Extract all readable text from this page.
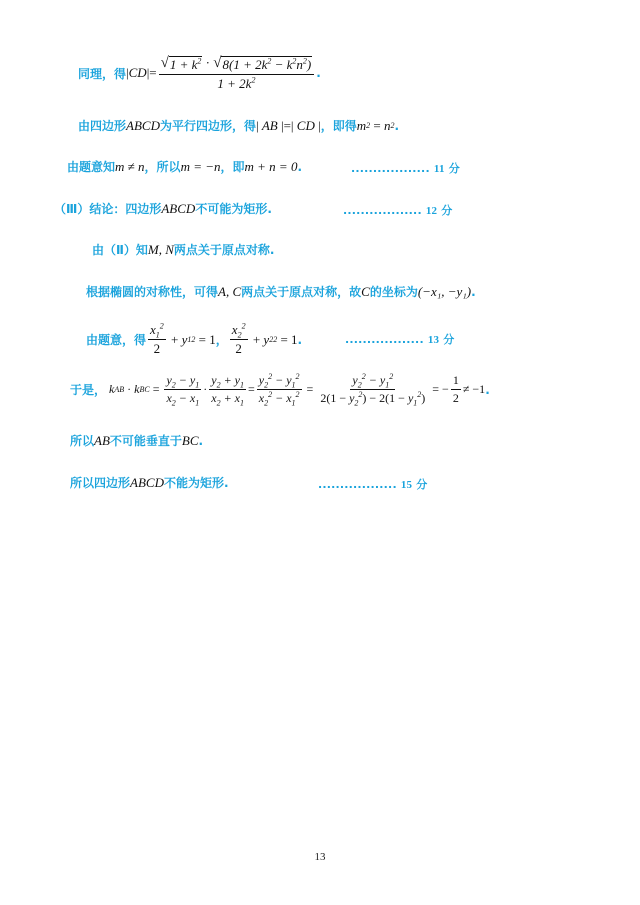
同理，得 | CD |= $\frac{√ 1 + k^2 \cdot √ 8(1 + 2k^2 - k^2n^2)}{1 + 2k^2}$ .
由四边形 ABCD 为平行四边形，得 | AB |=| CD | ，即得 m 2 = n 2 .
由题意知 m ≠ n ，所以 m = −n ，即 m + n = 0 .	.................. 11 分
（Ⅲ）结论：四边形 ABCD 不可能为矩形.	.................. 12 分
由（Ⅱ）知 M, N 两点关于原点对称.
根据椭圆的对称性，可得 A, C 两点关于原点对称，故 C 的坐标为 (−x₁, −y₁) .
由题意，得 $\frac{x_1^2}{2} + y$ 1 2 = 1 ， $\frac{x_2^2}{2} + y$ 2 2 = 1 .	.................. 13 分
于是， k AB · k BC = $\frac{y_2 - y_1}{x_2 - x_1} \cdot \frac{y_2 + y_1}{x_2 + x_1} = \frac{y_2^2 - y_1^2}{x_2^2 - x_1^2} = \frac{y_2^2 - y_1^2}{2(1 - y_2^2) - 2(1 - y_1^2)}$ = − $\frac{1}{2} \ne -1$ .
所以 AB 不可能垂直于 BC .
所以四边形 ABCD 不能为矩形.	.................. 15 分
13
